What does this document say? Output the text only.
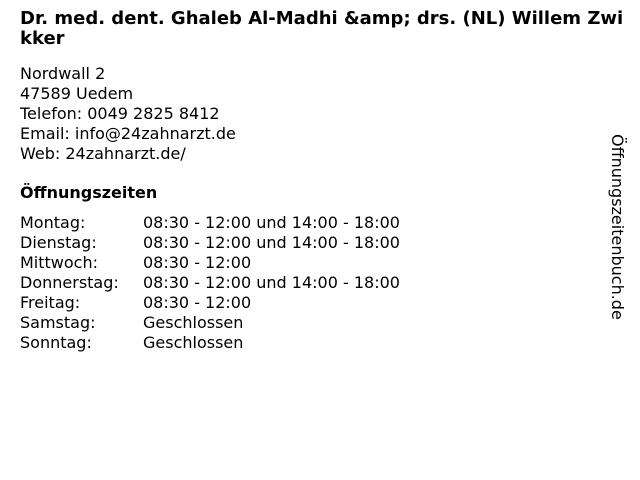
Dr. med. dent. Ghaleb Al-Madhi &amp; drs. (NL) Willem Zwikker
Nordwall 2
47589 Uedem
Telefon: 0049 2825 8412
Email: info@24zahnarzt.de
Web: 24zahnarzt.de/
Öffnungszeiten
Montag:	08:30 - 12:00 und 14:00 - 18:00
Dienstag:	08:30 - 12:00 und 14:00 - 18:00
Mittwoch:	08:30 - 12:00
Donnerstag:	08:30 - 12:00 und 14:00 - 18:00
Freitag:	08:30 - 12:00
Samstag:	Geschlossen
Sonntag:	Geschlossen
Öffnungszeitenbuch.de
